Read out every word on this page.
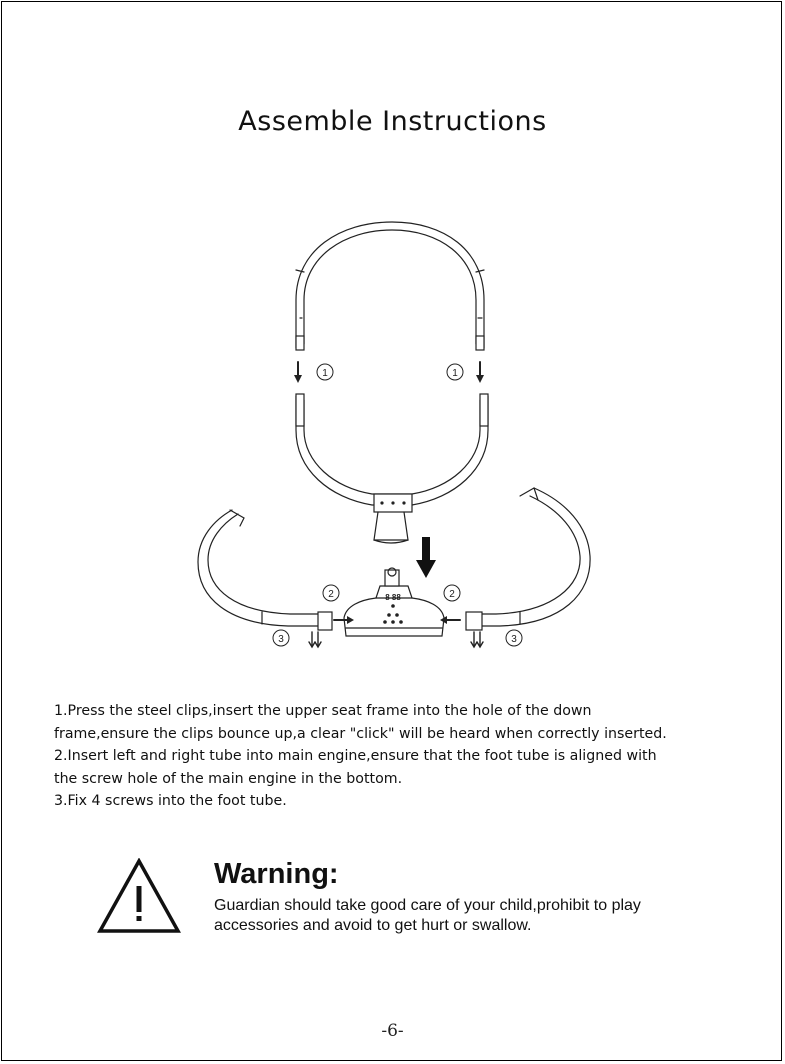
Assemble Instructions
1	1
2	2
3	3
8 88

1.Press the steel clips,insert the upper seat frame into the hole of the down

frame,ensure the clips bounce up,a clear "click" will be heard when correctly inserted.

2.Insert left and right tube into main engine,ensure that the foot tube is aligned with

the screw hole of the main engine in the bottom.

3.Fix 4 screws into the foot tube.

Warning:

Guardian should take good care of your child,prohibit to play

accessories and avoid to get hurt or swallow.

-6-
